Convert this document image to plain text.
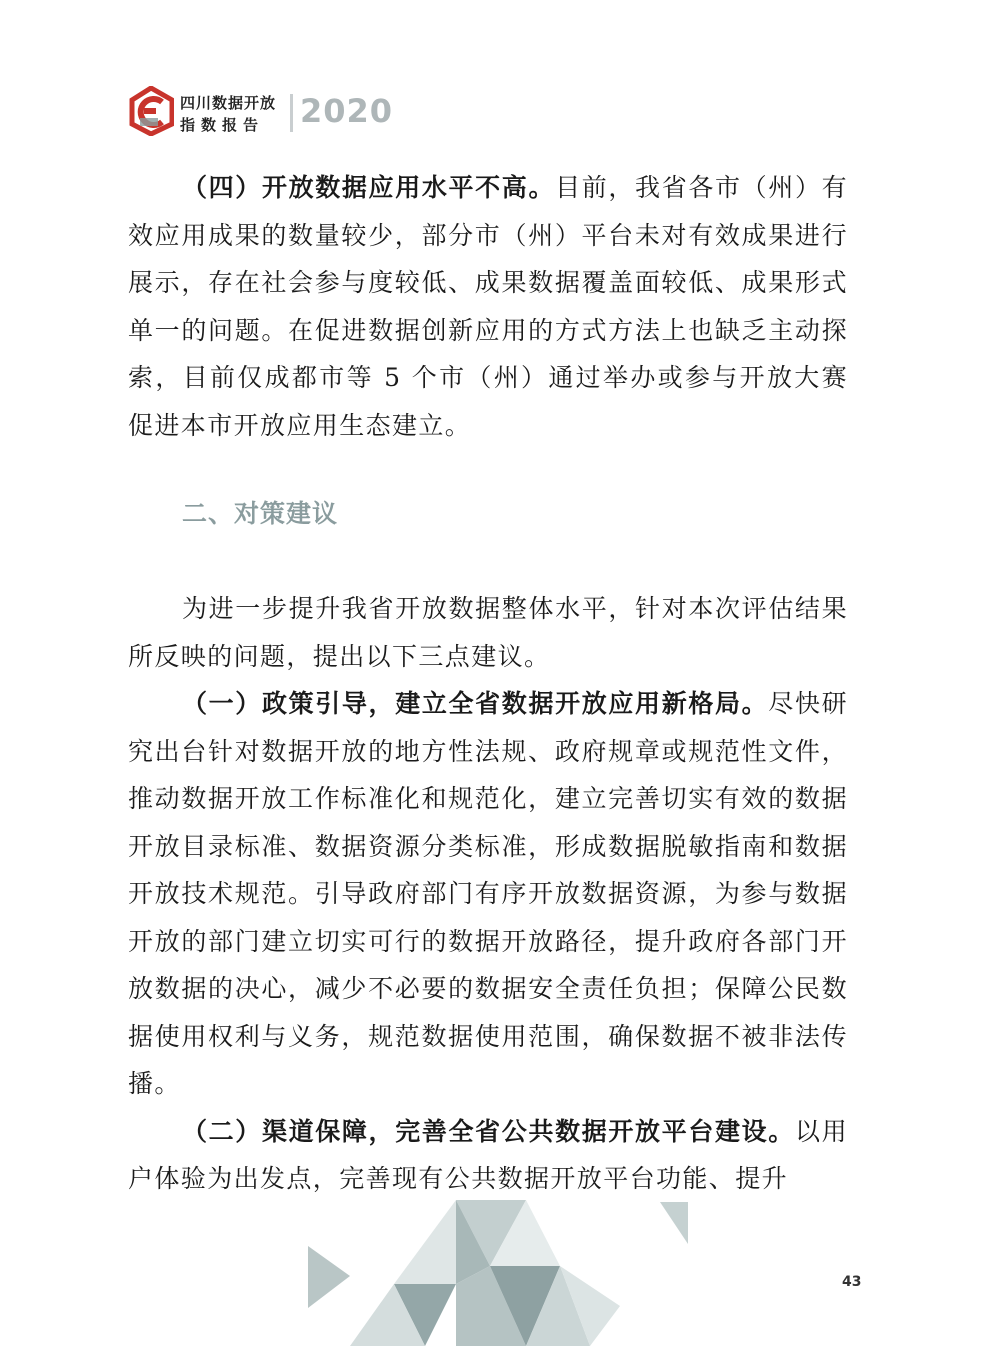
四川数据开放
指数报告 2020

（四）开放数据应用水平不高。目前，我省各市（州）有效应用成果的数量较少，部分市（州）平台未对有效成果进行展示，存在社会参与度较低、成果数据覆盖面较低、成果形式单一的问题。在促进数据创新应用的方式方法上也缺乏主动探索，目前仅成都市等 5 个市（州）通过举办或参与开放大赛促进本市开放应用生态建立。

二、对策建议

为进一步提升我省开放数据整体水平，针对本次评估结果所反映的问题，提出以下三点建议。

（一）政策引导，建立全省数据开放应用新格局。尽快研究出台针对数据开放的地方性法规、政府规章或规范性文件，推动数据开放工作标准化和规范化，建立完善切实有效的数据开放目录标准、数据资源分类标准，形成数据脱敏指南和数据开放技术规范。引导政府部门有序开放数据资源，为参与数据开放的部门建立切实可行的数据开放路径，提升政府各部门开放数据的决心，减少不必要的数据安全责任负担；保障公民数据使用权利与义务，规范数据使用范围，确保数据不被非法传播。

（二）渠道保障，完善全省公共数据开放平台建设。以用户体验为出发点，完善现有公共数据开放平台功能、提升

43
